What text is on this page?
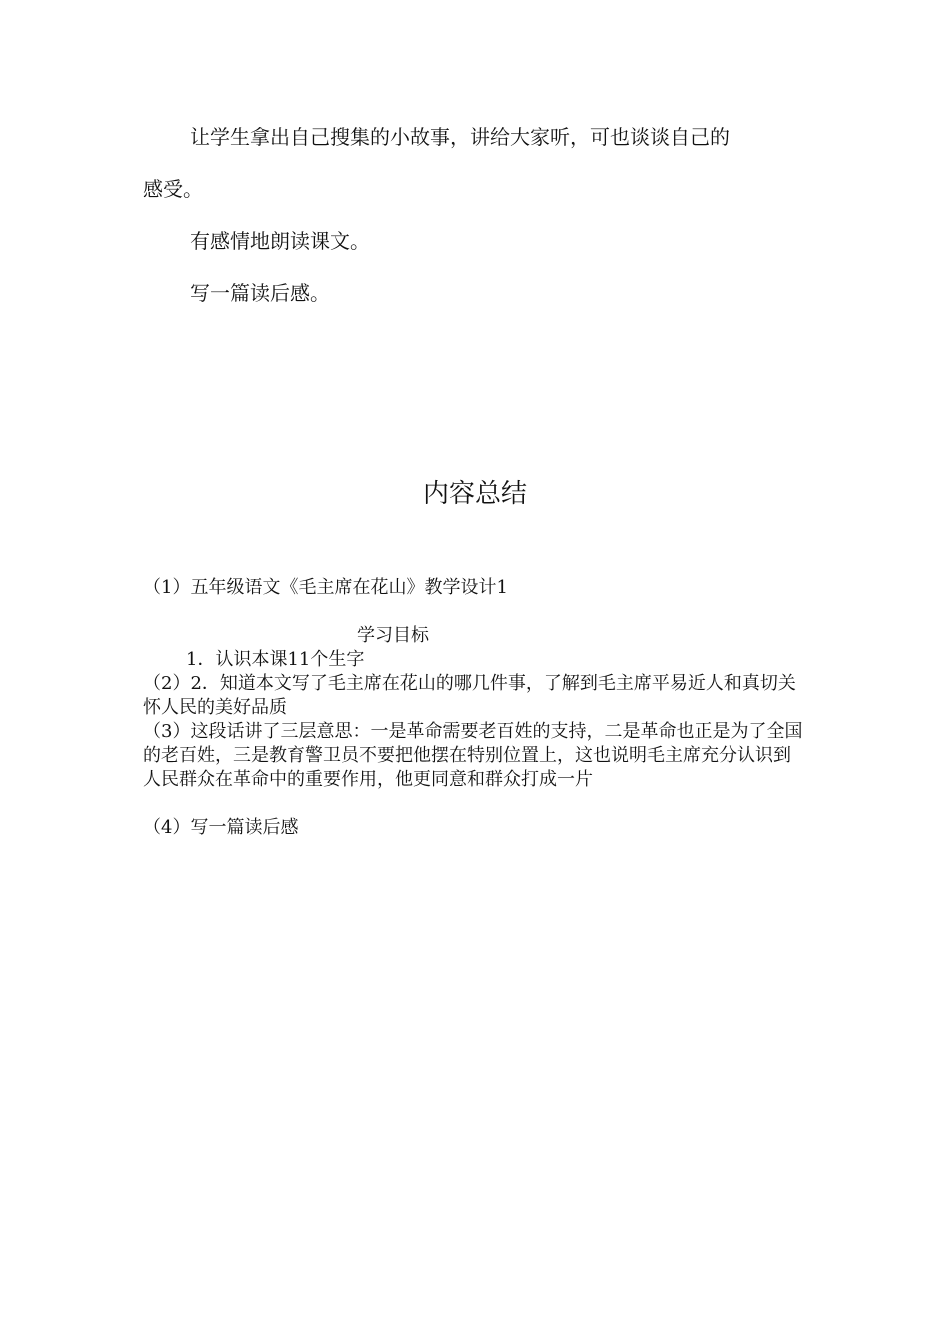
让学生拿出自己搜集的小故事，讲给大家听，可也谈谈自己的
感受。
有感情地朗读课文。
写一篇读后感。
内容总结
（1）五年级语文《毛主席在花山》教学设计1
学习目标
1．认识本课11个生字
（2）2．知道本文写了毛主席在花山的哪几件事，了解到毛主席平易近人和真切关怀人民的美好品质
（3）这段话讲了三层意思：一是革命需要老百姓的支持，二是革命也正是为了全国的老百姓，三是教育警卫员不要把他摆在特别位置上，这也说明毛主席充分认识到人民群众在革命中的重要作用，他更同意和群众打成一片
（4）写一篇读后感
